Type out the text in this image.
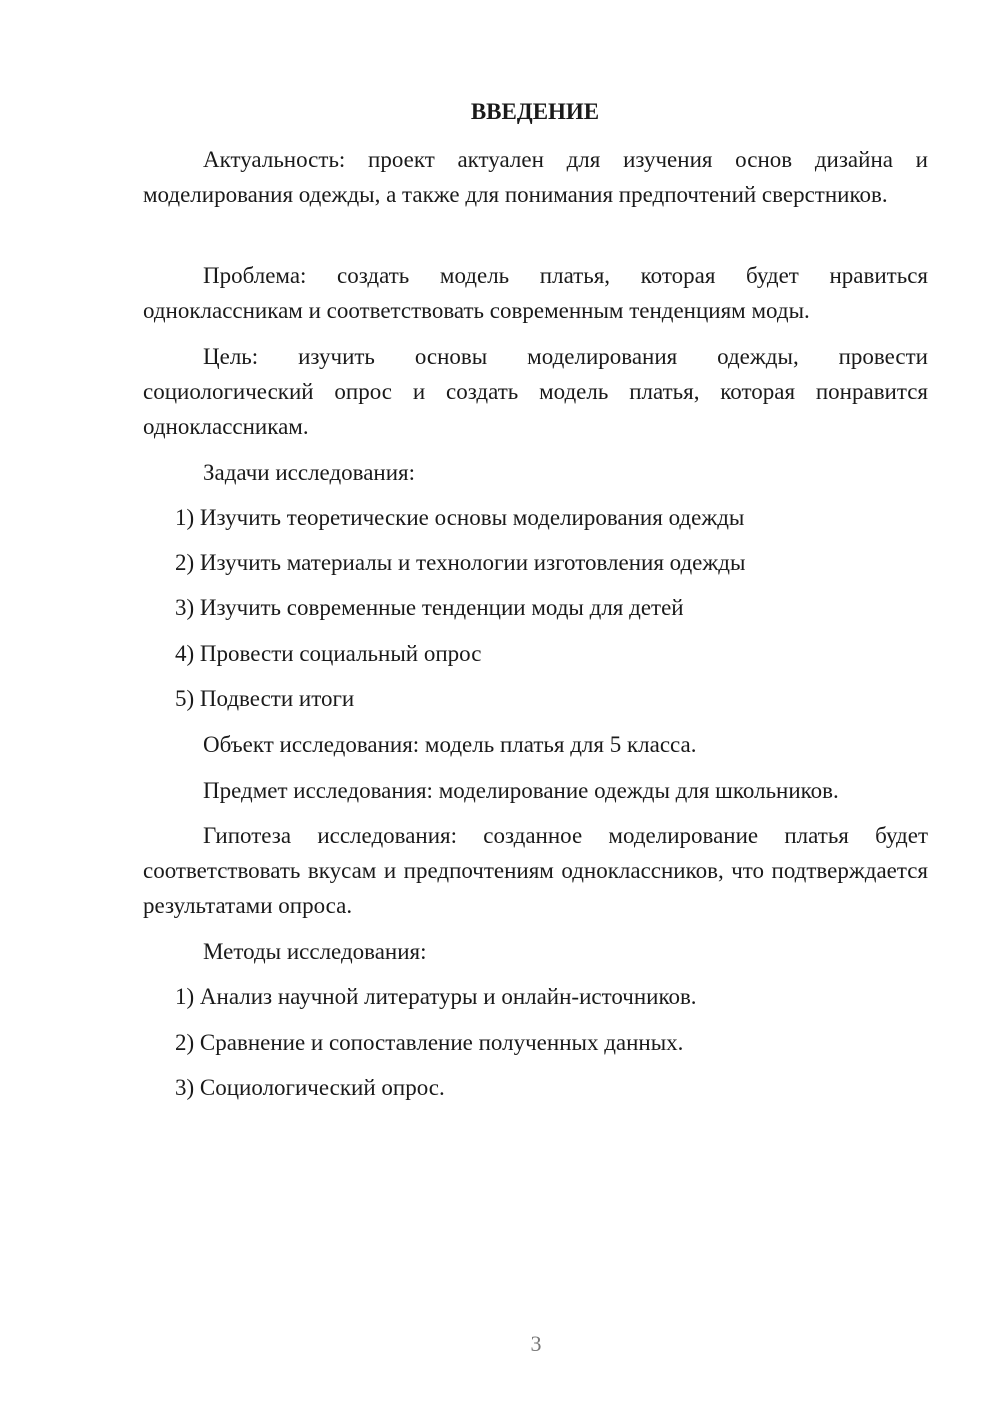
ВВЕДЕНИЕ

Актуальность: проект актуален для изучения основ дизайна и моделирования одежды, а также для понимания предпочтений сверстников.

Проблема: создать модель платья, которая будет нравиться одноклассникам и соответствовать современным тенденциям моды.

Цель: изучить основы моделирования одежды, провести социологический опрос и создать модель платья, которая понравится одноклассникам.

Задачи исследования:

1) Изучить теоретические основы моделирования одежды

2) Изучить материалы и технологии изготовления одежды

3) Изучить современные тенденции моды для детей

4) Провести социальный опрос

5) Подвести итоги

Объект исследования: модель платья для 5 класса.

Предмет исследования: моделирование одежды для школьников.

Гипотеза исследования: созданное моделирование платья будет соответствовать вкусам и предпочтениям одноклассников, что подтверждается результатами опроса.

Методы исследования:

1) Анализ научной литературы и онлайн-источников.

2) Сравнение и сопоставление полученных данных.

3) Социологический опрос.

3
